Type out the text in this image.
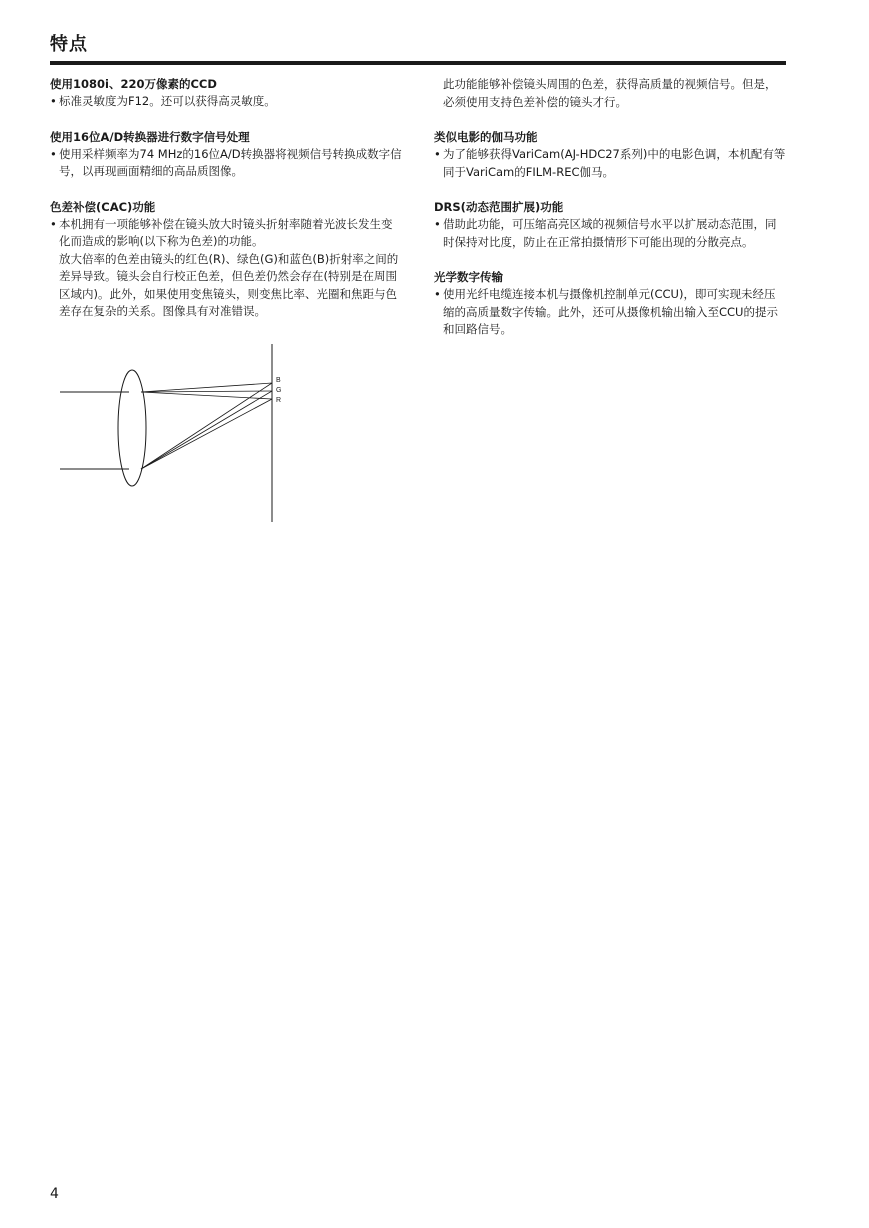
特点

使用1080i、220万像素的CCD

• 标准灵敏度为F12。还可以获得高灵敏度。

使用16位A/D转换器进行数字信号处理

• 使用采样频率为74 MHz的16位A/D转换器将视频信号转换成数字信号，以再现画面精细的高品质图像。

色差补偿(CAC)功能

• 本机拥有一项能够补偿在镜头放大时镜头折射率随着光波长发生变化而造成的影响(以下称为色差)的功能。

放大倍率的色差由镜头的红色(R)、绿色(G)和蓝色(B)折射率之间的差异导致。镜头会自行校正色差，但色差仍然会存在(特别是在周围区域内)。此外，如果使用变焦镜头，则变焦比率、光圈和焦距与色差存在复杂的关系。图像具有对准错误。

B
G
R

此功能能够补偿镜头周围的色差，获得高质量的视频信号。但是，必须使用支持色差补偿的镜头才行。

类似电影的伽马功能

• 为了能够获得VariCam(AJ-HDC27系列)中的电影色调，本机配有等同于VariCam的FILM-REC伽马。

DRS(动态范围扩展)功能

• 借助此功能，可压缩高亮区域的视频信号水平以扩展动态范围，同时保持对比度，防止在正常拍摄情形下可能出现的分散亮点。

光学数字传输

• 使用光纤电缆连接本机与摄像机控制单元(CCU)，即可实现未经压缩的高质量数字传输。此外，还可从摄像机输出输入至CCU的提示和回路信号。

4
